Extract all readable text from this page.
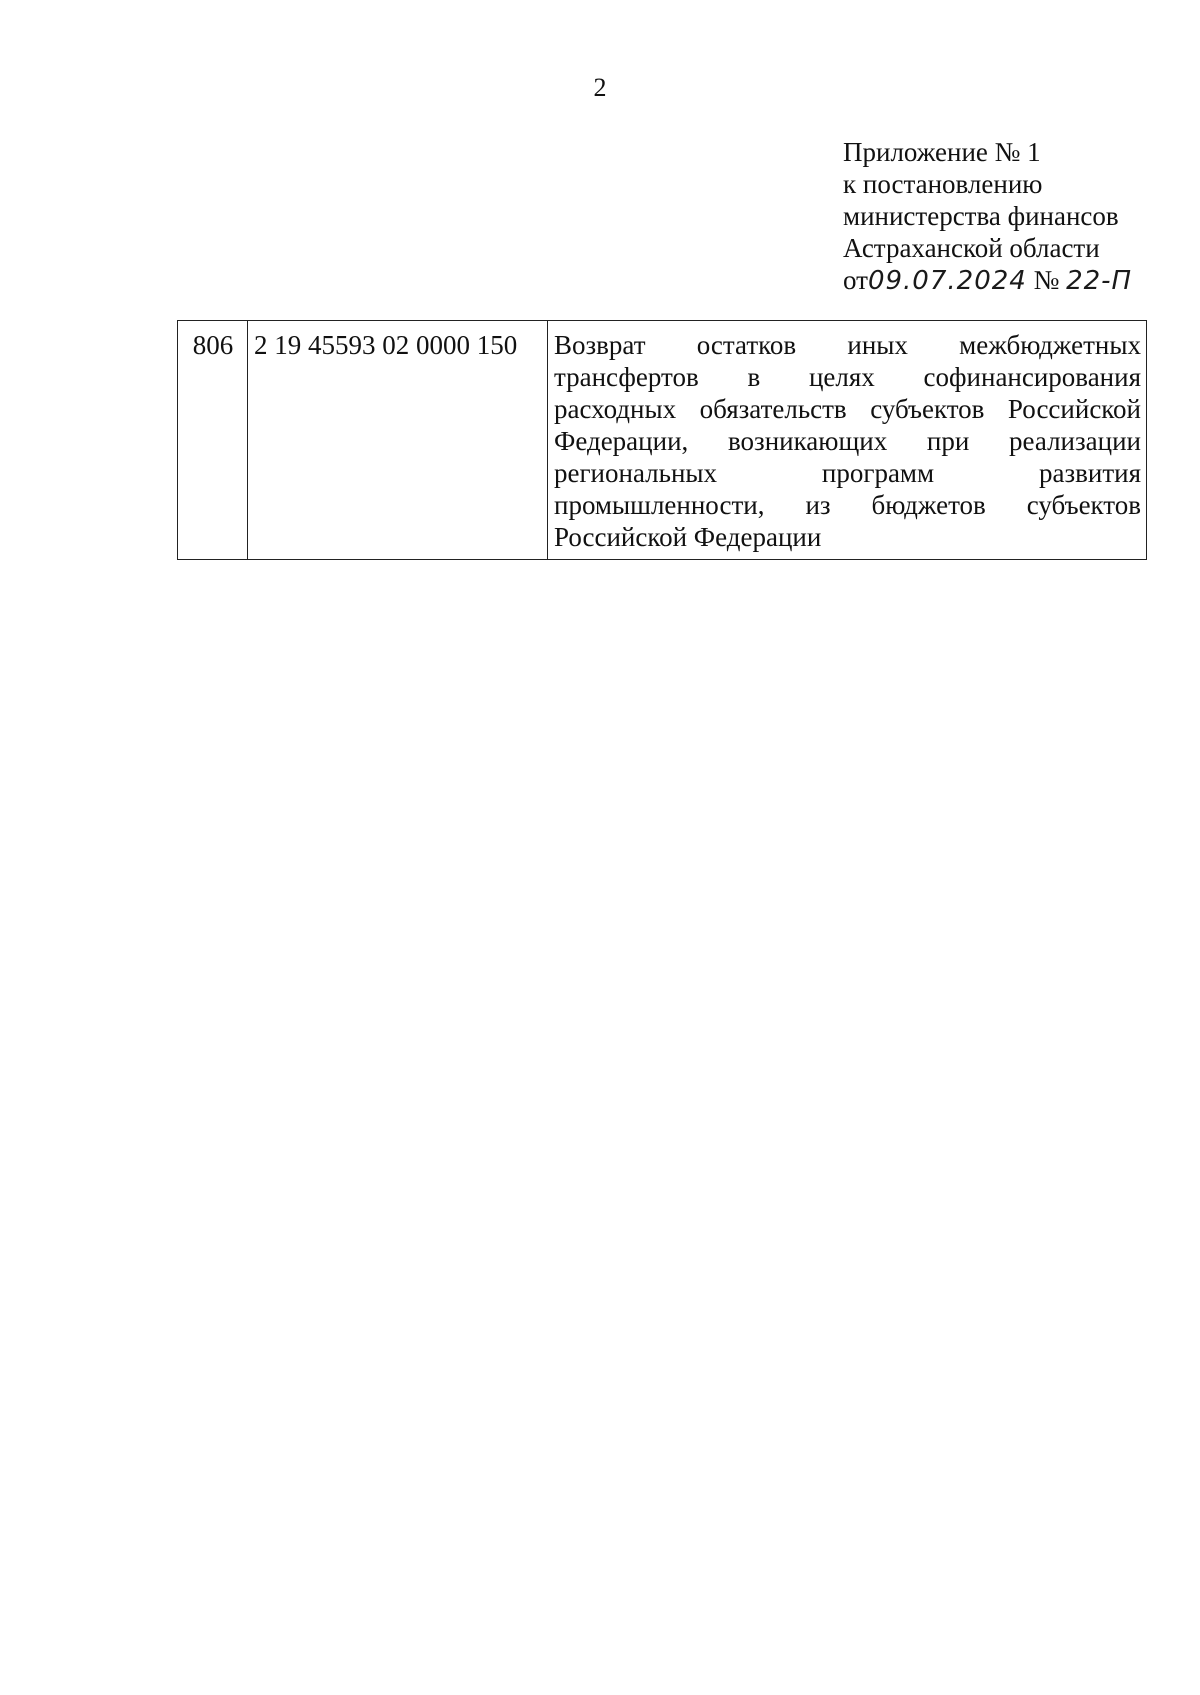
2
Приложение № 1
к постановлению
министерства финансов
Астраханской области
от09.07.2024 № 22-П
806	2 19 45593 02 0000 150	Возврат остатков иных межбюджетных трансфертов в целях софинансирования расходных обязательств субъектов Российской Федерации, возникающих при реализации региональных программ развития промышленности, из бюджетов субъектов Российской Федерации
